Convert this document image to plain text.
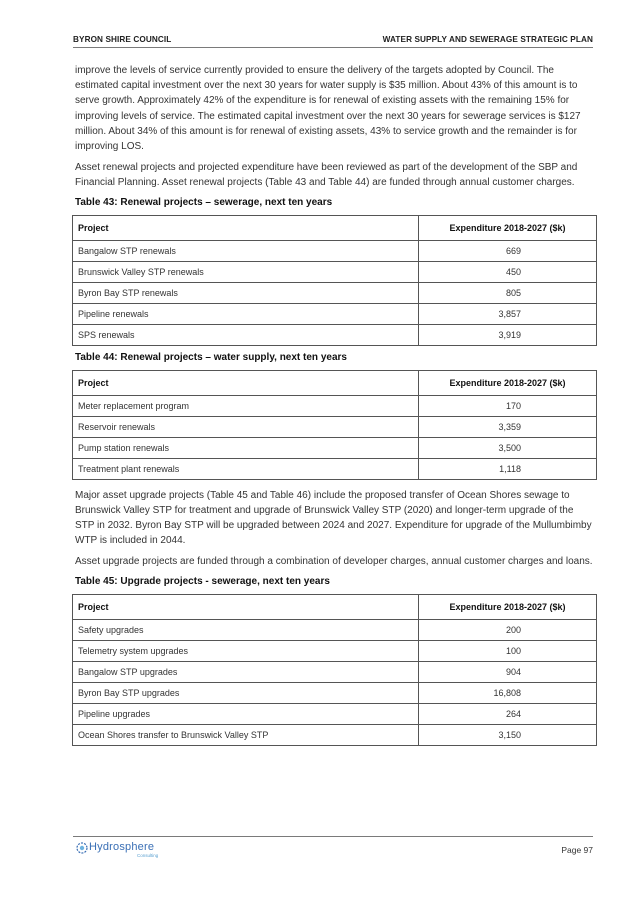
BYRON SHIRE COUNCIL	WATER SUPPLY AND SEWERAGE STRATEGIC PLAN

improve the levels of service currently provided to ensure the delivery of the targets adopted by Council. The estimated capital investment over the next 30 years for water supply is $35 million. About 43% of this amount is to serve growth. Approximately 42% of the expenditure is for renewal of existing assets with the remaining 15% for improving levels of service. The estimated capital investment over the next 30 years for sewerage services is $127 million. About 34% of this amount is for renewal of existing assets, 43% to service growth and the remainder is for improving LOS.

Asset renewal projects and projected expenditure have been reviewed as part of the development of the SBP and Financial Planning. Asset renewal projects (Table 43 and Table 44) are funded through annual customer charges.

Table 43: Renewal projects – sewerage, next ten years
Project	Expenditure 2018-2027 ($k)
Bangalow STP renewals	669
Brunswick Valley STP renewals	450
Byron Bay STP renewals	805
Pipeline renewals	3,857
SPS renewals	3,919
Table 44: Renewal projects – water supply, next ten years
Project	Expenditure 2018-2027 ($k)
Meter replacement program	170
Reservoir renewals	3,359
Pump station renewals	3,500
Treatment plant renewals	1,118

Major asset upgrade projects (Table 45 and Table 46) include the proposed transfer of Ocean Shores sewage to Brunswick Valley STP for treatment and upgrade of Brunswick Valley STP (2020) and longer-term upgrade of the STP in 2032. Byron Bay STP will be upgraded between 2024 and 2027. Expenditure for upgrade of the Mullumbimby WTP is included in 2044.

Asset upgrade projects are funded through a combination of developer charges, annual customer charges and loans.

Table 45: Upgrade projects - sewerage, next ten years
Project	Expenditure 2018-2027 ($k)
Safety upgrades	200
Telemetry system upgrades	100
Bangalow STP upgrades	904
Byron Bay STP upgrades	16,808
Pipeline upgrades	264
Ocean Shores transfer to Brunswick Valley STP	3,150
Hydrosphere
Consulting
Page 97
